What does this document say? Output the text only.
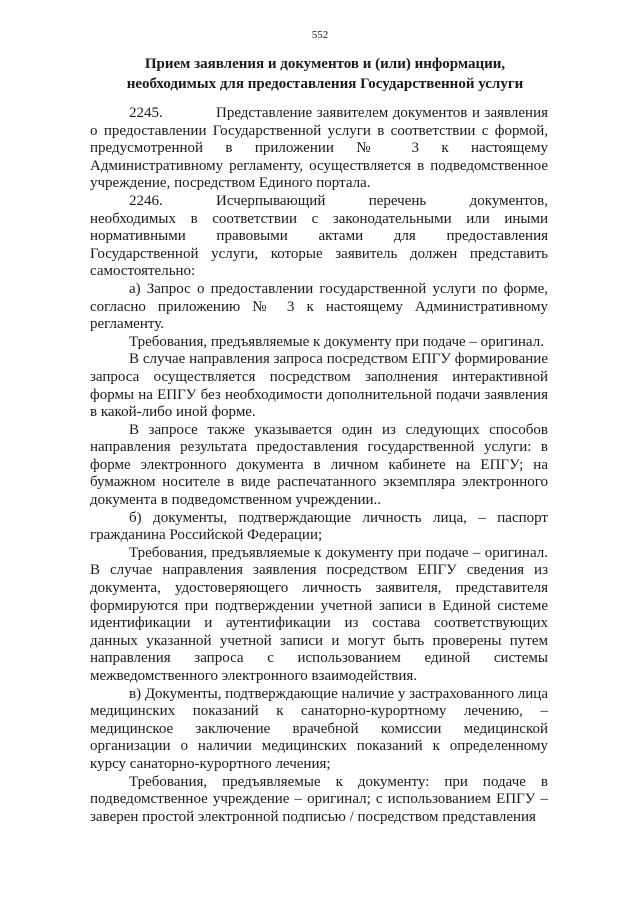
552
Прием заявления и документов и (или) информации,
необходимых для предоставления Государственной услуги

2245.	Представление заявителем документов и заявления о предоставлении Государственной услуги в соответствии с формой, предусмотренной в приложении № 3 к настоящему Административному регламенту, осуществляется в подведомственное учреждение, посредством Единого портала.

2246.	Исчерпывающий перечень документов, необходимых в соответствии с законодательными или иными нормативными правовыми актами для предоставления Государственной услуги, которые заявитель должен представить самостоятельно:

а) Запрос о предоставлении государственной услуги по форме, согласно приложению № 3 к настоящему Административному регламенту.

Требования, предъявляемые к документу при подаче – оригинал.

В случае направления запроса посредством ЕПГУ формирование запроса осуществляется посредством заполнения интерактивной формы на ЕПГУ без необходимости дополнительной подачи заявления в какой-либо иной форме.

В запросе также указывается один из следующих способов направления результата предоставления государственной услуги: в форме электронного документа в личном кабинете на ЕПГУ; на бумажном носителе в виде распечатанного экземпляра электронного документа в подведомственном учреждении..

б) документы, подтверждающие личность лица, – паспорт гражданина Российской Федерации;

Требования, предъявляемые к документу при подаче – оригинал. В случае направления заявления посредством ЕПГУ сведения из документа, удостоверяющего личность заявителя, представителя формируются при подтверждении учетной записи в Единой системе идентификации и аутентификации из состава соответствующих данных указанной учетной записи и могут быть проверены путем направления запроса с использованием единой системы межведомственного электронного взаимодействия.

в) Документы, подтверждающие наличие у застрахованного лица медицинских показаний к санаторно-курортному лечению, – медицинское заключение врачебной комиссии медицинской организации о наличии медицинских показаний к определенному курсу санаторно-курортного лечения;

Требования, предъявляемые к документу: при подаче в подведомственное учреждение – оригинал; с использованием ЕПГУ – заверен простой электронной подписью / посредством представления
